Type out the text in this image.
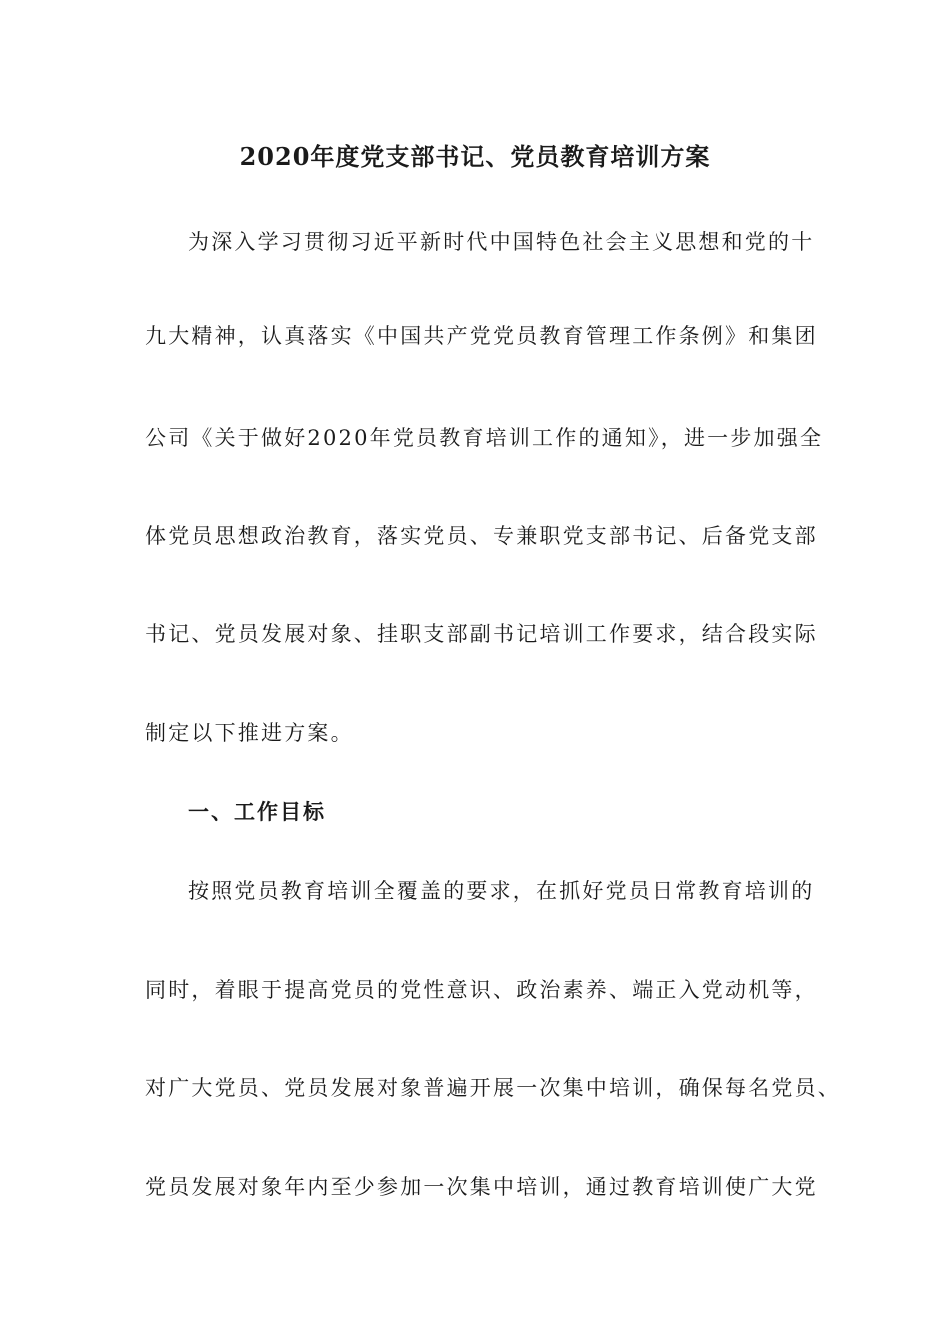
2020年度党支部书记、党员教育培训方案
为深入学习贯彻习近平新时代中国特色社会主义思想和党的十
九大精神，认真落实《中国共产党党员教育管理工作条例》和集团
公司《关于做好2020年党员教育培训工作的通知》，进一步加强全
体党员思想政治教育，落实党员、专兼职党支部书记、后备党支部
书记、党员发展对象、挂职支部副书记培训工作要求，结合段实际
制定以下推进方案。
一、工作目标
按照党员教育培训全覆盖的要求，在抓好党员日常教育培训的
同时，着眼于提高党员的党性意识、政治素养、端正入党动机等，
对广大党员、党员发展对象普遍开展一次集中培训，确保每名党员、
党员发展对象年内至少参加一次集中培训，通过教育培训使广大党
